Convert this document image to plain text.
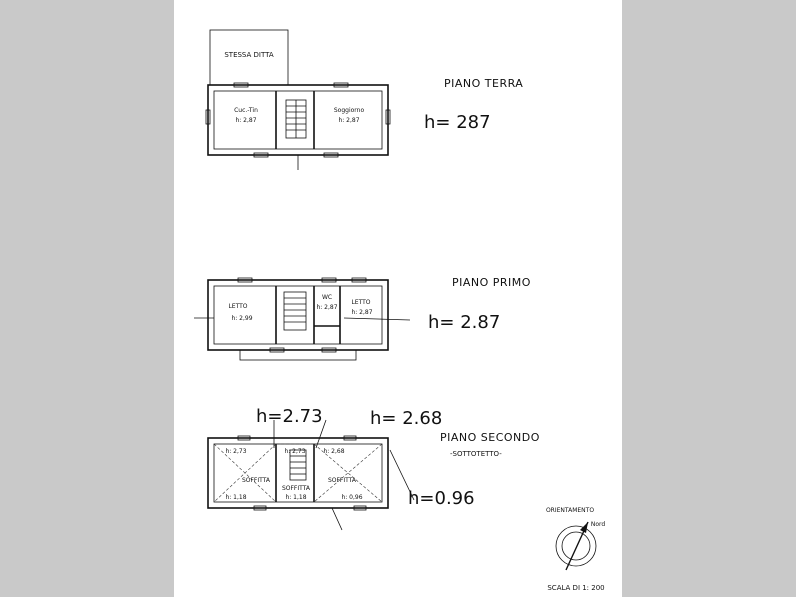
STESSA DITTA
Cuc.-Tin
h: 2,87
Soggiorno
h: 2,87
PIANO TERRA
h= 287
LETTO
h: 2,99
WC
h: 2,87
LETTO
h: 2,87
PIANO PRIMO
h= 2.87
h: 2,73
SOFFITTA
h: 1,18
h: 2,73
SOFFITTA
h: 1,18
h: 2,68
SOFFITTA
h: 0,96
h=2.73	h= 2.68
h=0.96
PIANO SECONDO
-SOTTOTETTO-
ORIENTAMENTO
Nord
SCALA DI 1: 200
